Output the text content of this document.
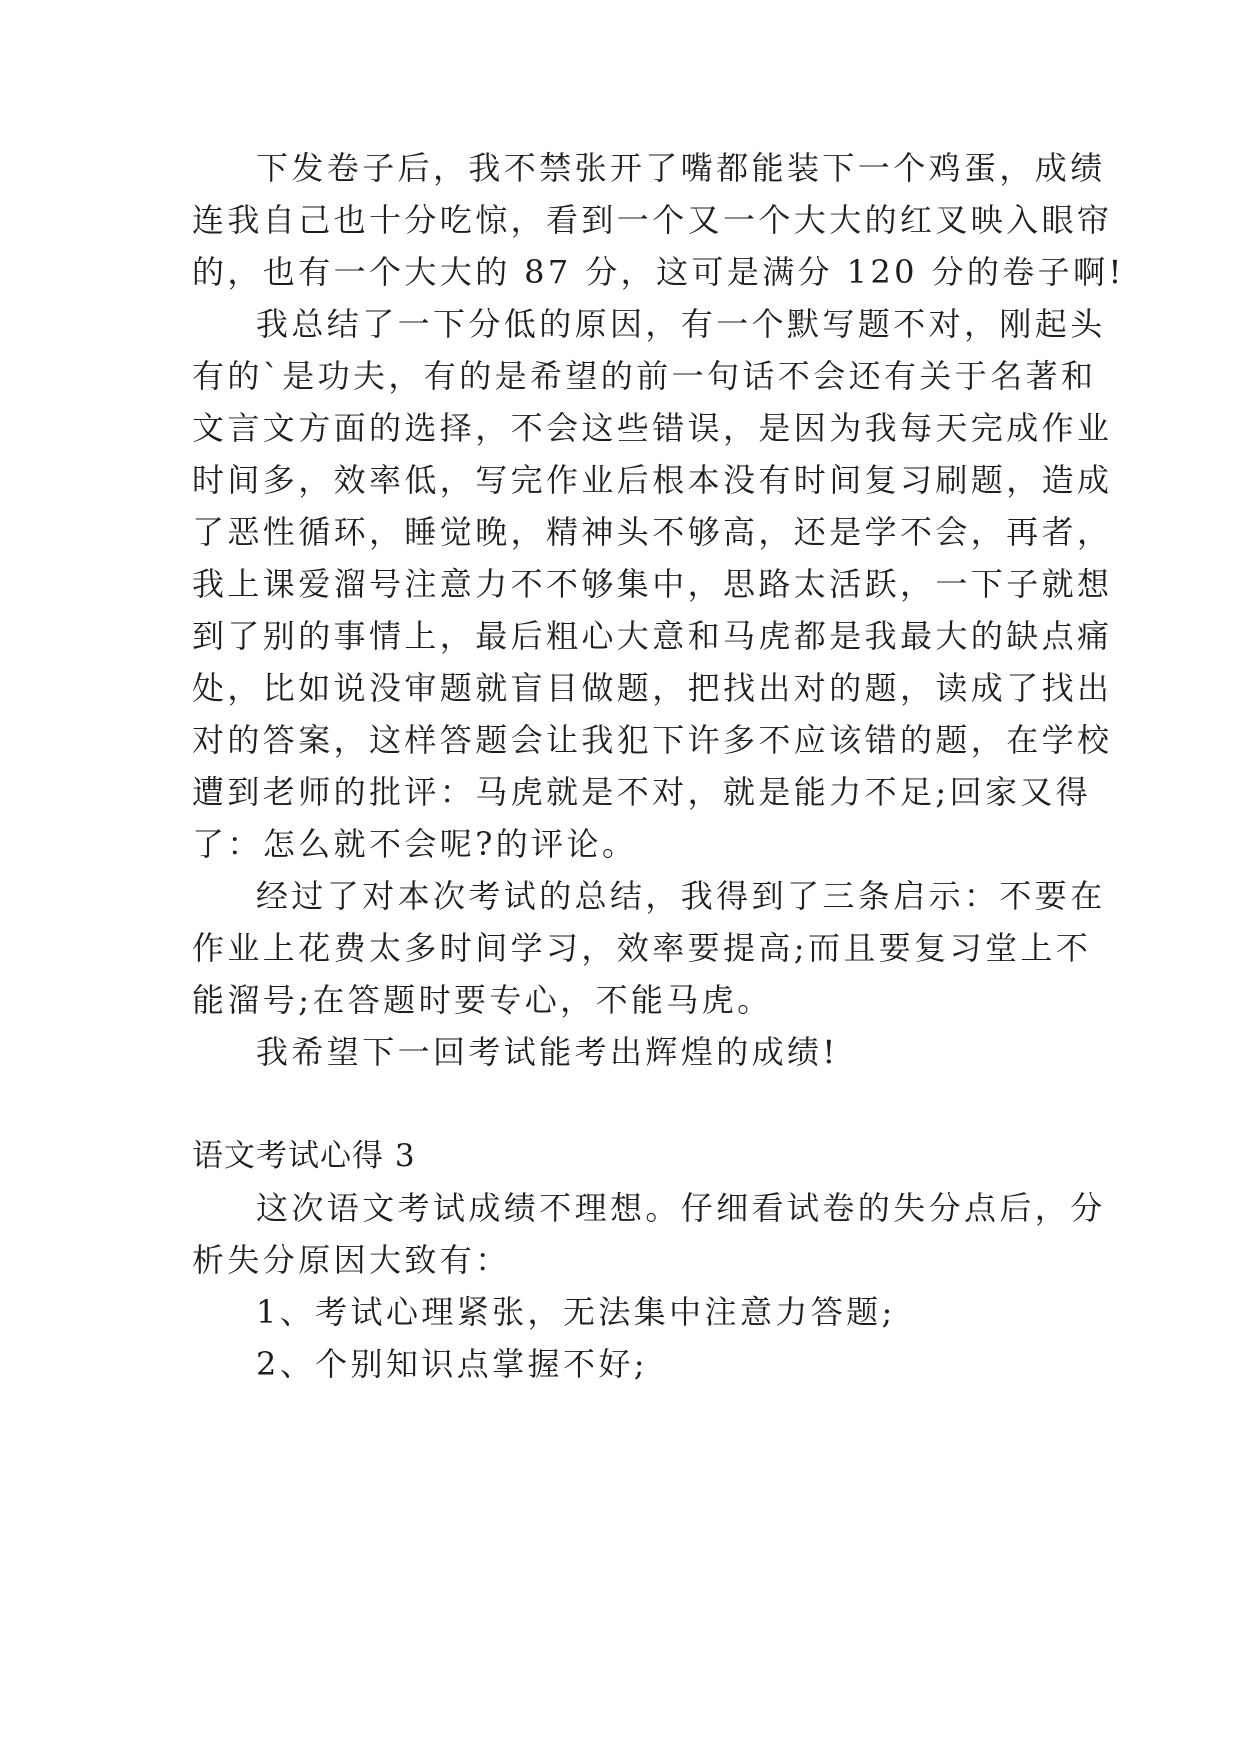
下发卷子后，我不禁张开了嘴都能装下一个鸡蛋，成绩
连我自己也十分吃惊，看到一个又一个大大的红叉映入眼帘
的，也有一个大大的 87 分，这可是满分 120 分的卷子啊!
我总结了一下分低的原因，有一个默写题不对，刚起头
有的`是功夫，有的是希望的前一句话不会还有关于名著和
文言文方面的选择，不会这些错误，是因为我每天完成作业
时间多，效率低，写完作业后根本没有时间复习刷题，造成
了恶性循环，睡觉晚，精神头不够高，还是学不会，再者，
我上课爱溜号注意力不不够集中，思路太活跃，一下子就想
到了别的事情上，最后粗心大意和马虎都是我最大的缺点痛
处，比如说没审题就盲目做题，把找出对的题，读成了找出
对的答案，这样答题会让我犯下许多不应该错的题，在学校
遭到老师的批评：马虎就是不对，就是能力不足;回家又得
了：怎么就不会呢?的评论。
经过了对本次考试的总结，我得到了三条启示：不要在
作业上花费太多时间学习，效率要提高;而且要复习堂上不
能溜号;在答题时要专心，不能马虎。
我希望下一回考试能考出辉煌的成绩!
语文考试心得 3
这次语文考试成绩不理想。仔细看试卷的失分点后，分
析失分原因大致有：
1、考试心理紧张，无法集中注意力答题;
2、个别知识点掌握不好;
